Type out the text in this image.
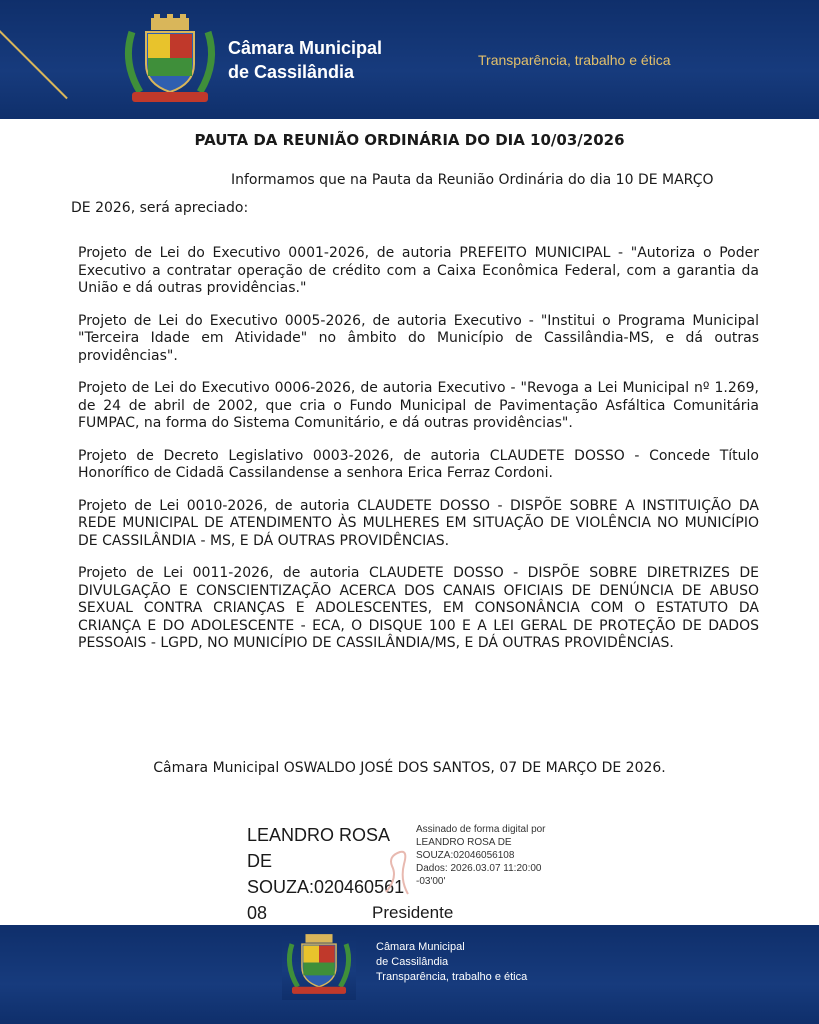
Câmara Municipal
de Cassilândia
Transparência, trabalho e ética
PAUTA DA REUNIÃO ORDINÁRIA DO DIA 10/03/2026

Informamos que na Pauta da Reunião Ordinária do dia 10 DE MARÇO

DE 2026, será apreciado:

Projeto de Lei do Executivo 0001-2026, de autoria PREFEITO MUNICIPAL - "Autoriza o Poder Executivo a contratar operação de crédito com a Caixa Econômica Federal, com a garantia da União e dá outras providências."

Projeto de Lei do Executivo 0005-2026, de autoria Executivo - "Institui o Programa Municipal "Terceira Idade em Atividade" no âmbito do Município de Cassilândia-MS, e dá outras providências".

Projeto de Lei do Executivo 0006-2026, de autoria Executivo - "Revoga a Lei Municipal nº 1.269, de 24 de abril de 2002, que cria o Fundo Municipal de Pavimentação Asfáltica Comunitária FUMPAC, na forma do Sistema Comunitário, e dá outras providências".

Projeto de Decreto Legislativo 0003-2026, de autoria CLAUDETE DOSSO - Concede Título Honorífico de Cidadã Cassilandense a senhora Erica Ferraz Cordoni.

Projeto de Lei 0010-2026, de autoria CLAUDETE DOSSO - DISPÕE SOBRE A INSTITUIÇÃO DA REDE MUNICIPAL DE ATENDIMENTO ÀS MULHERES EM SITUAÇÃO DE VIOLÊNCIA NO MUNICÍPIO DE CASSILÂNDIA - MS, E DÁ OUTRAS PROVIDÊNCIAS.

Projeto de Lei 0011-2026, de autoria CLAUDETE DOSSO - DISPÕE SOBRE DIRETRIZES DE DIVULGAÇÃO E CONSCIENTIZAÇÃO ACERCA DOS CANAIS OFICIAIS DE DENÚNCIA DE ABUSO SEXUAL CONTRA CRIANÇAS E ADOLESCENTES, EM CONSONÂNCIA COM O ESTATUTO DA CRIANÇA E DO ADOLESCENTE - ECA, O DISQUE 100 E A LEI GERAL DE PROTEÇÃO DE DADOS PESSOAIS - LGPD, NO MUNICÍPIO DE CASSILÂNDIA/MS, E DÁ OUTRAS PROVIDÊNCIAS.

Câmara Municipal OSWALDO JOSÉ DOS SANTOS, 07 DE MARÇO DE 2026.

LEANDRO ROSA DE
SOUZA:020460561
08
Assinado de forma digital por
LEANDRO ROSA DE
SOUZA:02046056108
Dados: 2026.03.07 11:20:00
-03'00'
Presidente
Câmara Municipal
de Cassilândia
Transparência, trabalho e ética
